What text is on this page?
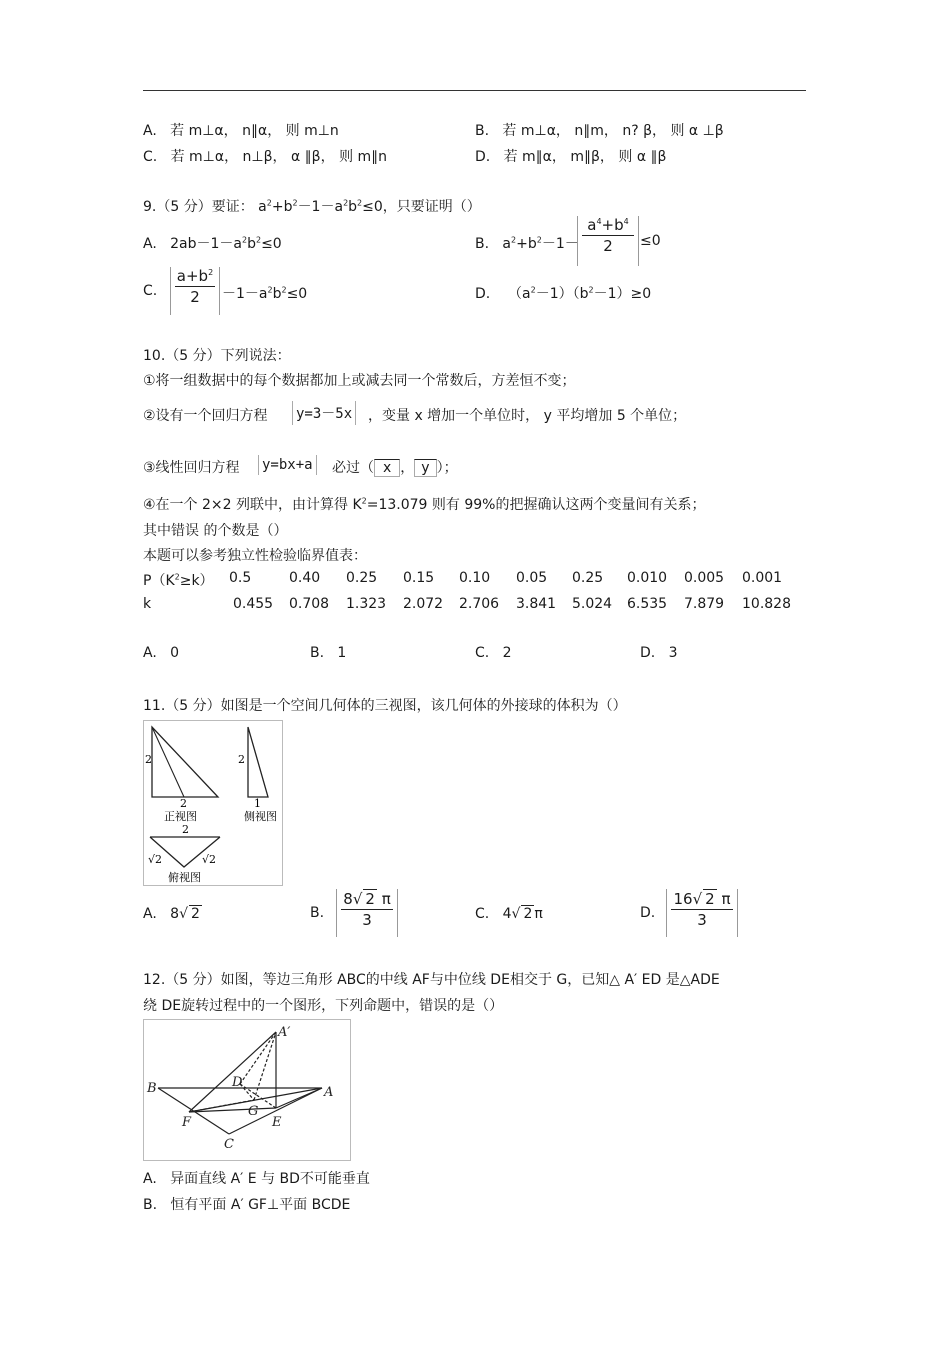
A. 若 m⊥α， n∥α， 则 m⊥n	B. 若 m⊥α， n∥m， n? β， 则 α ⊥β
C. 若 m⊥α， n⊥β， α ∥β， 则 m∥n	D. 若 m∥α， m∥β， 则 α ∥β
9.（5 分）要证： $a^2+b^2-1-a^2b^2\le 0$，只要证明（）
A. $2ab-1-a^2b^2\le 0$	B. $a^2+b^2-1-$
$a^4+b^4$
2	≤0
C.
$a+b^2$
2	$-1-a^2b^2\le 0$	D. $(a^2-1)(b^2-1)\ge 0$
10.（5 分）下列说法：
①将一组数据中的每个数据都加上或减去同一个常数后，方差恒不变；
②设有一个回归方程 y=3－5x ，变量 x 增加一个单位时， y 平均增加 5 个单位；
③线性回归方程 y=bx+a 必过（ x ， y ）；
④在一个 2×2 列联中，由计算得 $K^2=13.079$ 则有 99%的把握确认这两个变量间有关系；
其中错误 的个数是（）
本题可以参考独立性检验临界值表：
$P(K^2\ge k)$ 0.5	0.40 0.25 0.15 0.10 0.05 0.25 0.010 0.005 0.001
k	0.455 0.708 1.323 2.072 2.706 3.841 5.024 6.535 7.879 10.828
A. 0	B. 1	C. 2	D. 3
11.（5 分）如图是一个空间几何体的三视图，该几何体的外接球的体积为（）
2
2
正视图
2
1
侧视图
2
√2	√2
俯视图
A. 8√ 2	B.
8√ 2 π
3	C. 4√ 2 π	D.
16√ 2 π
3
12.（5 分）如图，等边三角形 ABC的中线 AF与中位线 DE相交于 G，已知△ A′ ED 是△ADE
绕 DE旋转过程中的一个图形，下列命题中，错误的是（）
A′
B	A
D
G
F	E
C
A. 异面直线 A′ E 与 BD不可能垂直
B. 恒有平面 A′ GF⊥平面 BCDE
